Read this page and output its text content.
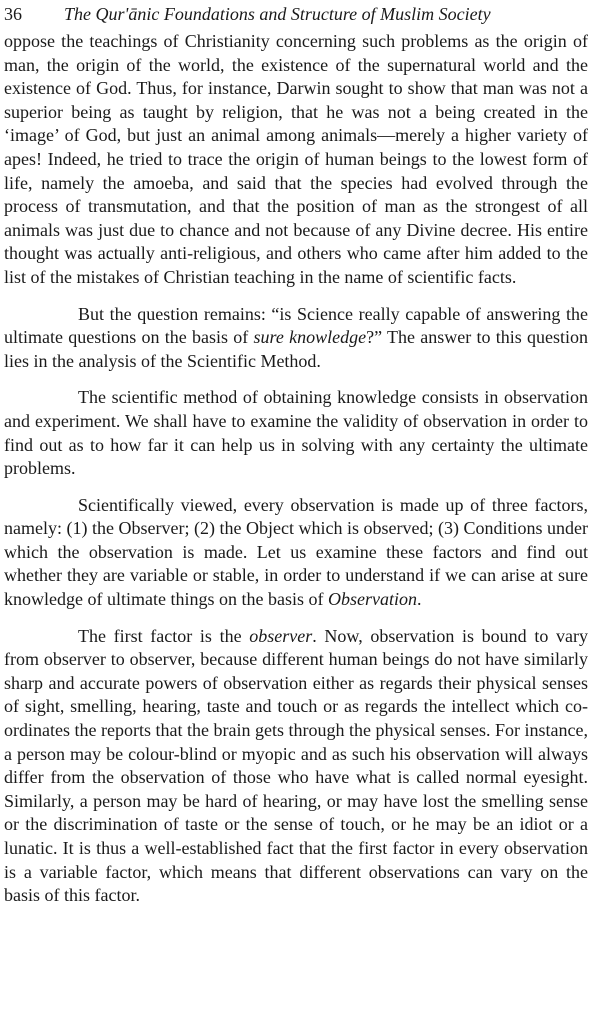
36	The Qur'ānic Foundations and Structure of Muslim Society

oppose the teachings of Christianity concerning such problems as the origin of man, the origin of the world, the existence of the supernatural world and the existence of God. Thus, for instance, Darwin sought to show that man was not a superior being as taught by religion, that he was not a being created in the ‘image’ of God, but just an animal among animals—merely a higher variety of apes! Indeed, he tried to trace the origin of human beings to the lowest form of life, namely the amoeba, and said that the species had evolved through the process of transmutation, and that the position of man as the strongest of all animals was just due to chance and not because of any Divine decree. His entire thought was actually anti-religious, and others who came after him added to the list of the mistakes of Christian teaching in the name of scientific facts.

But the question remains: “is Science really capable of answering the ultimate questions on the basis of sure knowledge?” The answer to this question lies in the analysis of the Scientific Method.

The scientific method of obtaining knowledge consists in observation and experiment. We shall have to examine the validity of observation in order to find out as to how far it can help us in solving with any certainty the ultimate problems.

Scientifically viewed, every observation is made up of three factors, namely: (1) the Observer; (2) the Object which is observed; (3) Conditions under which the observation is made. Let us examine these factors and find out whether they are variable or stable, in order to understand if we can arise at sure knowledge of ultimate things on the basis of Observation.

The first factor is the observer. Now, observation is bound to vary from observer to observer, because different human beings do not have similarly sharp and accurate powers of observation either as regards their physical senses of sight, smelling, hearing, taste and touch or as regards the intellect which co-ordinates the reports that the brain gets through the physical senses. For instance, a person may be colour-blind or myopic and as such his observation will always differ from the observation of those who have what is called normal eyesight. Similarly, a person may be hard of hearing, or may have lost the smelling sense or the discrimination of taste or the sense of touch, or he may be an idiot or a lunatic. It is thus a well-established fact that the first factor in every observation is a variable factor, which means that different observations can vary on the basis of this factor.
